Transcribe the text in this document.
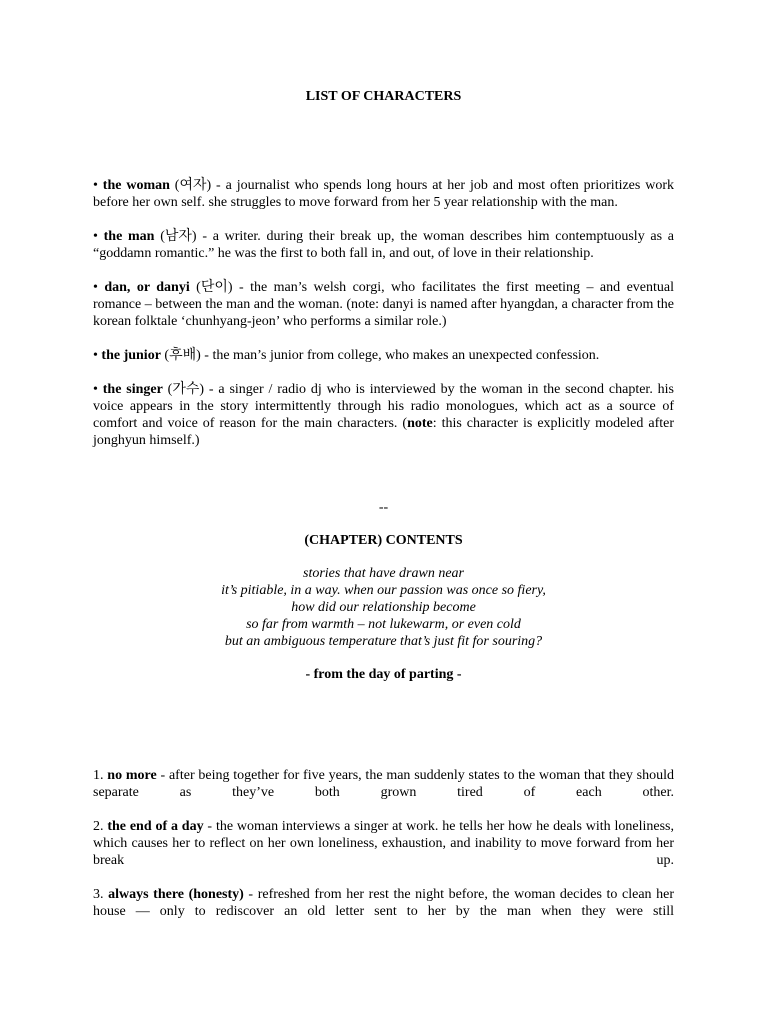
LIST OF CHARACTERS

• the woman (여자) - a journalist who spends long hours at her job and most often prioritizes work before her own self. she struggles to move forward from her 5 year relationship with the man.

• the man (남자) - a writer. during their break up, the woman describes him contemptuously as a “goddamn romantic.” he was the first to both fall in, and out, of love in their relationship.

• dan, or danyi (단이) - the man’s welsh corgi, who facilitates the first meeting – and eventual romance – between the man and the woman. (note: danyi is named after hyangdan, a character from the korean folktale ‘chunhyang-jeon’ who performs a similar role.)

• the junior (후배) - the man’s junior from college, who makes an unexpected confession.

• the singer (가수) - a singer / radio dj who is interviewed by the woman in the second chapter. his voice appears in the story intermittently through his radio monologues, which act as a source of comfort and voice of reason for the main characters. (note: this character is explicitly modeled after jonghyun himself.)

--

(CHAPTER) CONTENTS
stories that have drawn near
it’s pitiable, in a way. when our passion was once so fiery,
how did our relationship become
so far from warmth – not lukewarm, or even cold
but an ambiguous temperature that’s just fit for souring?

- from the day of parting -

1. no more - after being together for five years, the man suddenly states to the woman that they should separate as they’ve both grown tired of each other.

2. the end of a day - the woman interviews a singer at work. he tells her how he deals with loneliness, which causes her to reflect on her own loneliness, exhaustion, and inability to move forward from her break up.

3. always there (honesty) - refreshed from her rest the night before, the woman decides to clean her house — only to rediscover an old letter sent to her by the man when they were still
